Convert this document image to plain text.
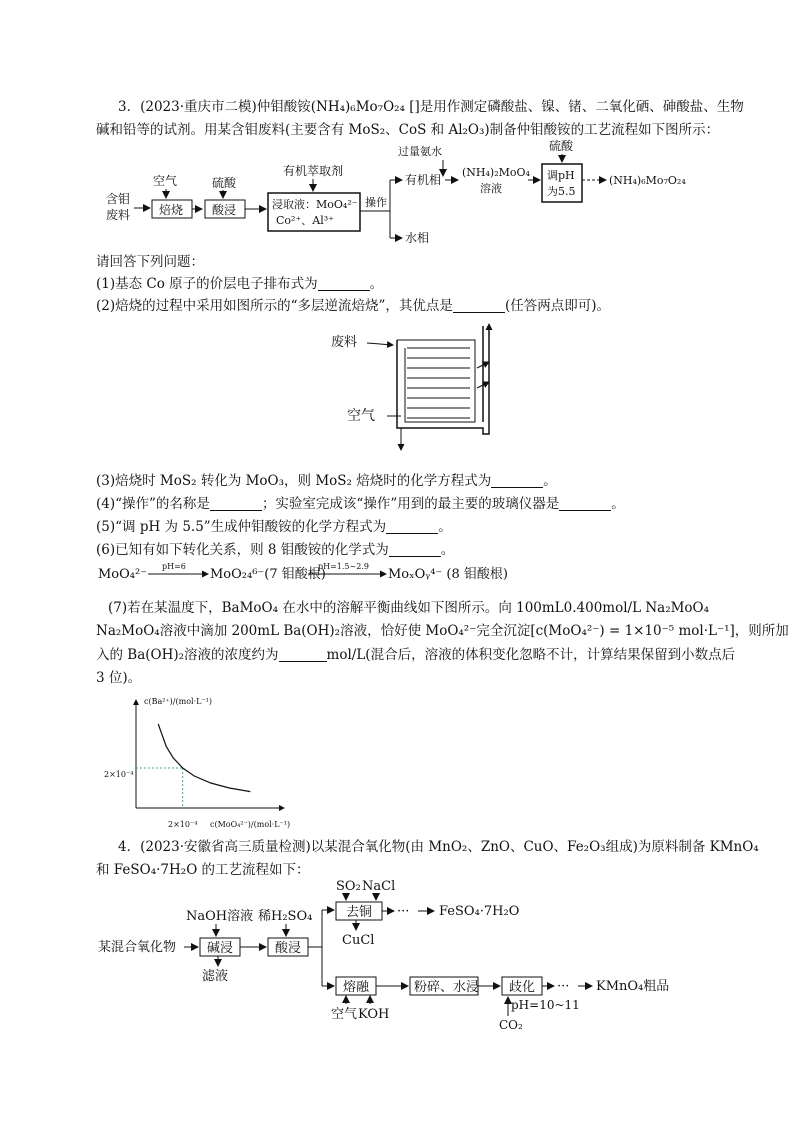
3．(2023·重庆市二模)仲钼酸铵(NH₄)₆Mo₇O₂₄ []是用作测定磷酸盐、镍、锗、二氧化硒、砷酸盐、生物
碱和铅等的试剂。用某含钼废料(主要含有 MoS₂、CoS 和 Al₂O₃)制备仲钼酸铵的工艺流程如下图所示：
含钼
废料
空气
焙烧
硫酸
酸浸
有机萃取剂
浸取液：MoO₄²⁻
Co²⁺、Al³⁺
操作
有机相
水相
过量氨水
(NH₄)₂MoO₄
溶液
硫酸
调pH
为5.5
(NH₄)₆Mo₇O₂₄
请回答下列问题：
(1)基态 Co 原子的价层电子排布式为	。
(2)焙烧的过程中采用如图所示的“多层逆流焙烧”，其优点是	(任答两点即可)。
废料
空气
(3)焙烧时 MoS₂ 转化为 MoO₃，则 MoS₂ 焙烧时的化学方程式为	。
(4)“操作”的名称是	；实验室完成该“操作”用到的最主要的玻璃仪器是	。
(5)“调 pH 为 5.5”生成仲钼酸铵的化学方程式为	。
(6)已知有如下转化关系，则 8 钼酸铵的化学式为	。
MoO₄²⁻
pH=6
MoO₂₄⁶⁻(7 钼酸根)
pH=1.5~2.9
MoₓOᵧ⁴⁻ (8 钼酸根)
(7)若在某温度下，BaMoO₄ 在水中的溶解平衡曲线如下图所示。向 100mL0.400mol/L Na₂MoO₄
Na₂MoO₄溶液中滴加 200mL Ba(OH)₂溶液，恰好使 MoO₄²⁻完全沉淀[c(MoO₄²⁻) = 1×10⁻⁵ mol·L⁻¹]，则所加
入的 Ba(OH)₂溶液的浓度约为	mol/L(混合后，溶液的体积变化忽略不计，计算结果保留到小数点后
3 位)。
c(Ba²⁺)/(mol·L⁻¹)
c(MoO₄²⁻)/(mol·L⁻¹)
2×10⁻⁴
2×10⁻⁴
4．(2023·安徽省高三质量检测)以某混合氧化物(由 MnO₂、ZnO、CuO、Fe₂O₃组成)为原料制备 KMnO₄
和 FeSO₄·7H₂O 的工艺流程如下：
某混合氧化物
NaOH溶液
碱浸
滤液
稀H₂SO₄
酸浸
SO₂ NaCl
去铜
CuCl
··· FeSO₄·7H₂O
熔融
空气 KOH
粉碎、水浸 歧化
pH=10~11
CO₂
··· KMnO₄粗品
